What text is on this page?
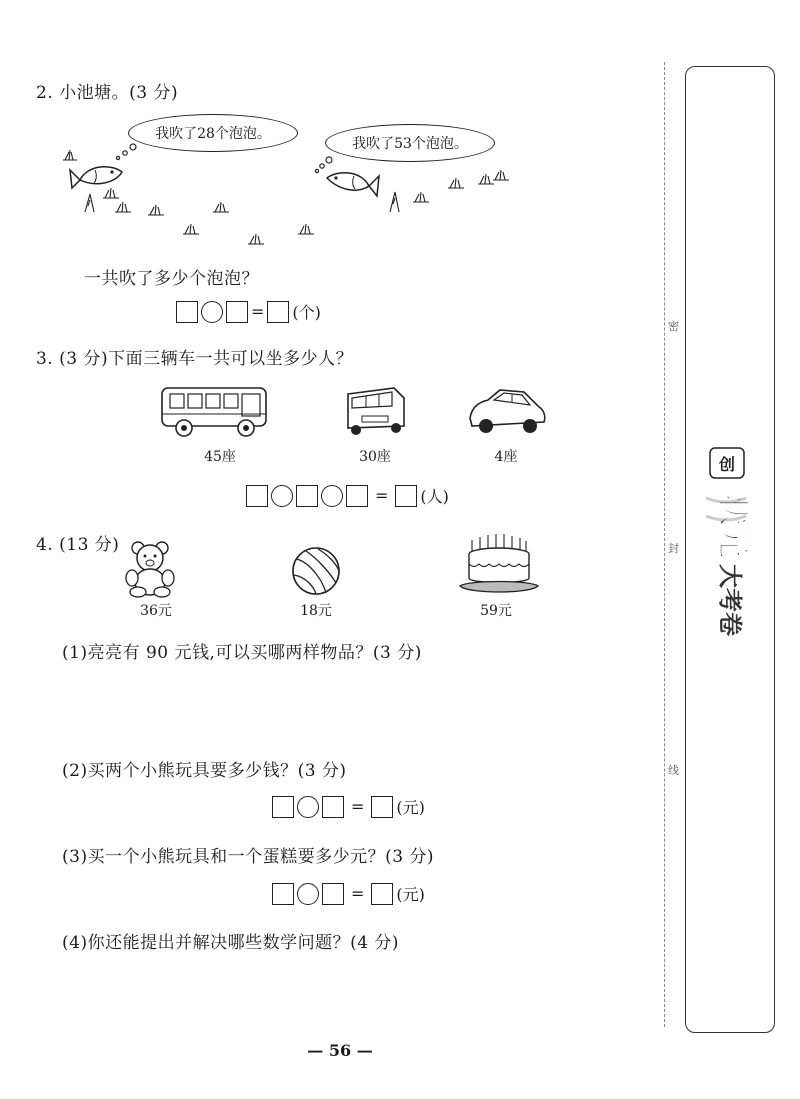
2. 小池塘。(3 分)
我吹了28个泡泡。
我吹了53个泡泡。
一共吹了多少个泡泡？
= (个)
3. (3 分)下面三辆车一共可以坐多少人？
45座	30座	4座
= (人)
4. (13 分)
36元	18元	59元
(1)亮亮有 90 元钱,可以买哪两样物品？(3 分)
(2)买两个小熊玩具要多少钱？(3 分)
= (元)
(3)买一个小熊玩具和一个蛋糕要多少元？(3 分)
= (元)
(4)你还能提出并解决哪些数学问题？(4 分)
密
封
线
创
状元
大考卷
— 56 —
